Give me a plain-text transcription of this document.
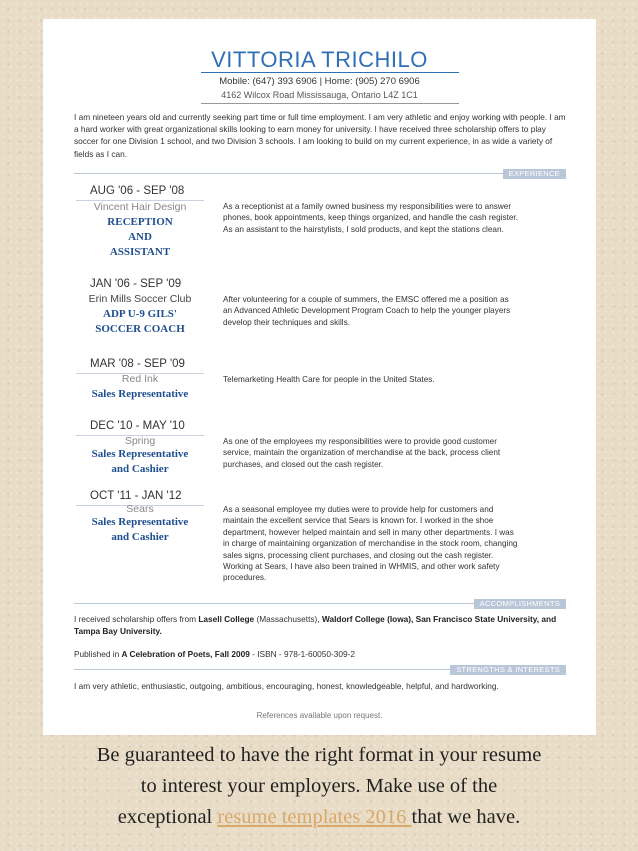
VITTORIA TRICHILO
Mobile: (647) 393 6906 | Home: (905) 270 6906
4162 Wilcox Road Mississauga, Ontario L4Z 1C1
I am nineteen years old and currently seeking part time or full time employment. I am very athletic and enjoy working with people. I am a hard worker with great organizational skills looking to earn money for university. I have received three scholarship offers to play soccer for one Division 1 school, and two Division 3 schools. I am looking to build on my current experience, in as wide a variety of fields as I can.
EXPERIENCE
AUG '06 - SEP '08
Vincent Hair Design
RECEPTION
AND
ASSISTANT
As a receptionist at a family owned business my responsibilities were to answer phones, book appointments, keep things organized, and handle the cash register. As an assistant to the hairstylists, I sold products, and kept the stations clean.
JAN '06 - SEP '09
Erin Mills Soccer Club
ADP U-9 GILS'
SOCCER COACH
After volunteering for a couple of summers, the EMSC offered me a position as an Advanced Athletic Development Program Coach to help the younger players develop their techniques and skills.
MAR '08 - SEP '09
Red Ink
Sales Representative
Telemarketing Health Care for people in the United States.
DEC '10 - MAY '10
Spring
Sales Representative
and Cashier
As one of the employees my responsibilities were to provide good customer service, maintain the organization of merchandise at the back, process client purchases, and closed out the cash register.
OCT '11 - JAN '12
Sears
Sales Representative
and Cashier
As a seasonal employee my duties were to provide help for customers and maintain the excellent service that Sears is known for. I worked in the shoe department, however helped maintain and sell in many other departments. I was in charge of maintaining organization of merchandise in the stock room, changing sales signs, processing client purchases, and closing out the cash register. Working at Sears, I have also been trained in WHMIS, and other work safety procedures.
ACCOMPLISHMENTS
I received scholarship offers from Lasell College (Massachusetts), Waldorf College (Iowa), San Francisco State University, and Tampa Bay University.
Published in A Celebration of Poets, Fall 2009 - ISBN - 978-1-60050-309-2
STRENGTHS & INTERESTS
I am very athletic, enthusiastic, outgoing, ambitious, encouraging, honest, knowledgeable, helpful, and hardworking.
References available upon request.
Be guaranteed to have the right format in your resume
to interest your employers. Make use of the
exceptional resume templates 2016 that we have.
